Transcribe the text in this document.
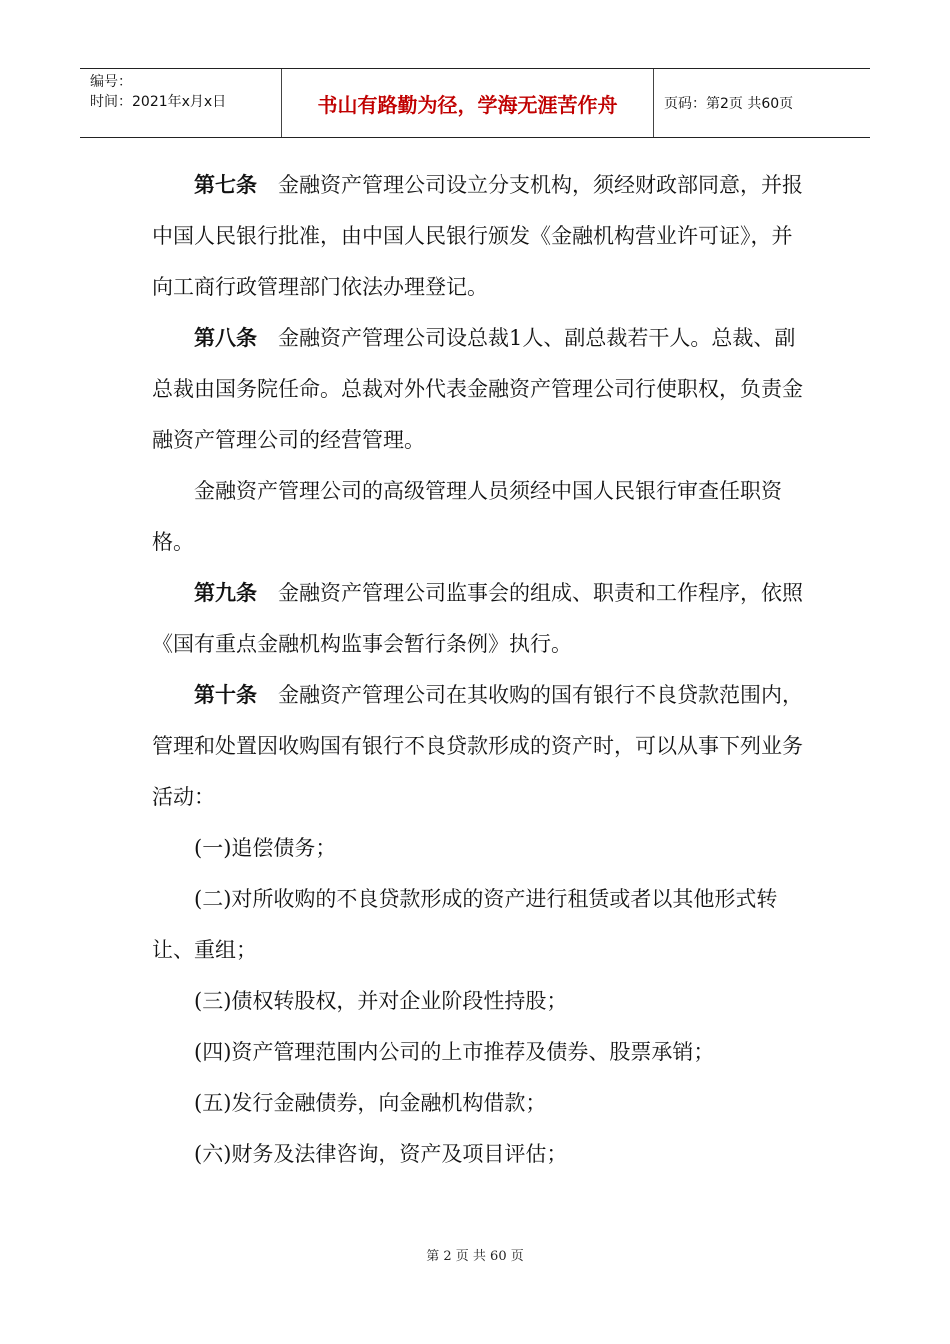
编号：
时间：2021年x月x日	书山有路勤为径，学海无涯苦作舟	页码：第2页 共60页

第七条 金融资产管理公司设立分支机构，须经财政部同意，并报中国人民银行批准，由中国人民银行颁发《金融机构营业许可证》，并向工商行政管理部门依法办理登记。

第八条 金融资产管理公司设总裁1人、副总裁若干人。总裁、副总裁由国务院任命。总裁对外代表金融资产管理公司行使职权，负责金融资产管理公司的经营管理。

金融资产管理公司的高级管理人员须经中国人民银行审查任职资格。

第九条 金融资产管理公司监事会的组成、职责和工作程序，依照《国有重点金融机构监事会暂行条例》执行。

第十条 金融资产管理公司在其收购的国有银行不良贷款范围内，管理和处置因收购国有银行不良贷款形成的资产时，可以从事下列业务活动：

(一)追偿债务；

(二)对所收购的不良贷款形成的资产进行租赁或者以其他形式转让、重组；

(三)债权转股权，并对企业阶段性持股；

(四)资产管理范围内公司的上市推荐及债券、股票承销；

(五)发行金融债券，向金融机构借款；

(六)财务及法律咨询，资产及项目评估；

第 2 页 共 60 页
